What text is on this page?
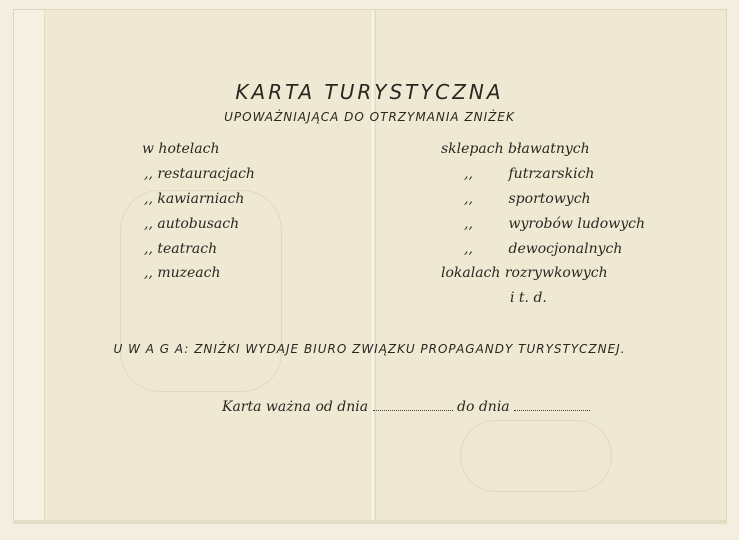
KARTA TURYSTYCZNA
UPOWAŻNIAJĄCA DO OTRZYMANIA ZNIŻEK
w hotelach
,, restauracjach
,, kawiarniach
,, autobusach
,, teatrach
,, muzeach
sklepach bławatnych
,,        futrzarskich
,,        sportowych
,,        wyrobów ludowych
,,        dewocjonalnych
lokalach rozrywkowych
i t. d.
U W A G A: ZNIŻKI WYDAJE BIURO ZWIĄZKU PROPAGANDY TURYSTYCZNEJ.
Karta ważna od dnia	do dnia
